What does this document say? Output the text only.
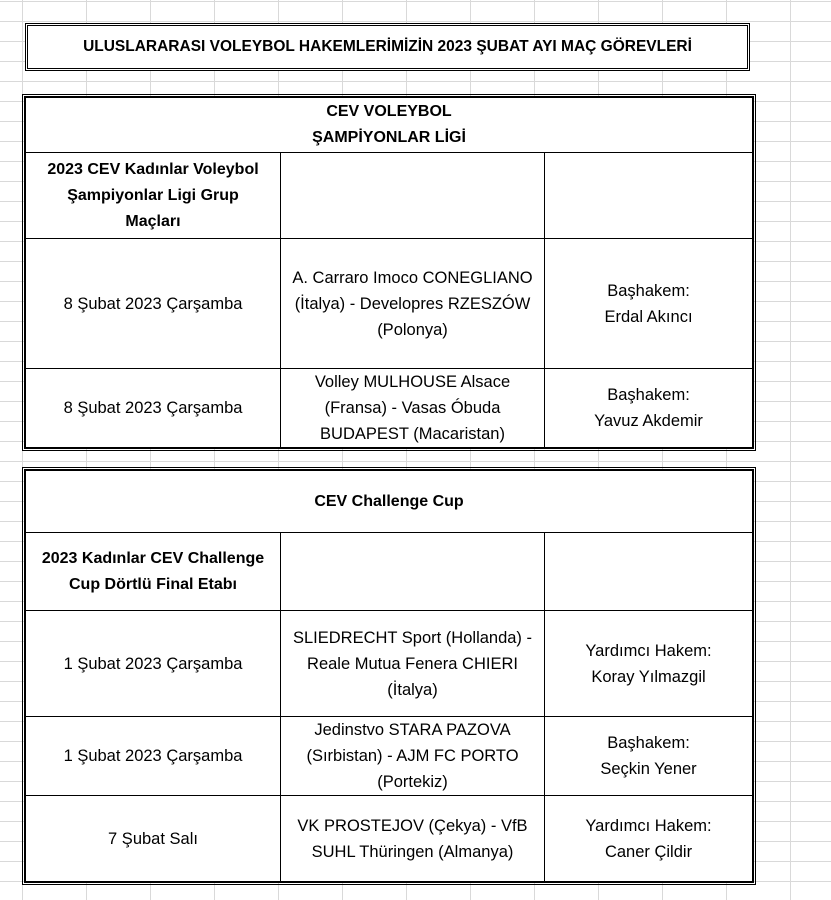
ULUSLARARASI VOLEYBOL HAKEMLERİMİZİN 2023 ŞUBAT AYI MAÇ GÖREVLERİ
CEV VOLEYBOL
ŞAMPİYONLAR LİGİ		
2023 CEV Kadınlar Voleybol
Şampiyonlar Ligi Grup
Maçları		
8 Şubat 2023 Çarşamba	A. Carraro Imoco CONEGLIANO
(İtalya) - Developres RZESZÓW
(Polonya)	Başhakem:
Erdal Akıncı
8 Şubat 2023 Çarşamba	Volley MULHOUSE Alsace
(Fransa) - Vasas Óbuda
BUDAPEST (Macaristan)	Başhakem:
Yavuz Akdemir
CEV Challenge Cup		
2023 Kadınlar CEV Challenge
Cup Dörtlü Final Etabı		
1 Şubat 2023 Çarşamba	SLIEDRECHT Sport (Hollanda) -
Reale Mutua Fenera CHIERI
(İtalya)	Yardımcı Hakem:
Koray Yılmazgil
1 Şubat 2023 Çarşamba	Jedinstvo STARA PAZOVA
(Sırbistan) - AJM FC PORTO
(Portekiz)	Başhakem:
Seçkin Yener
7 Şubat Salı	VK PROSTEJOV (Çekya) - VfB
SUHL Thüringen (Almanya)	Yardımcı Hakem:
Caner Çildir
